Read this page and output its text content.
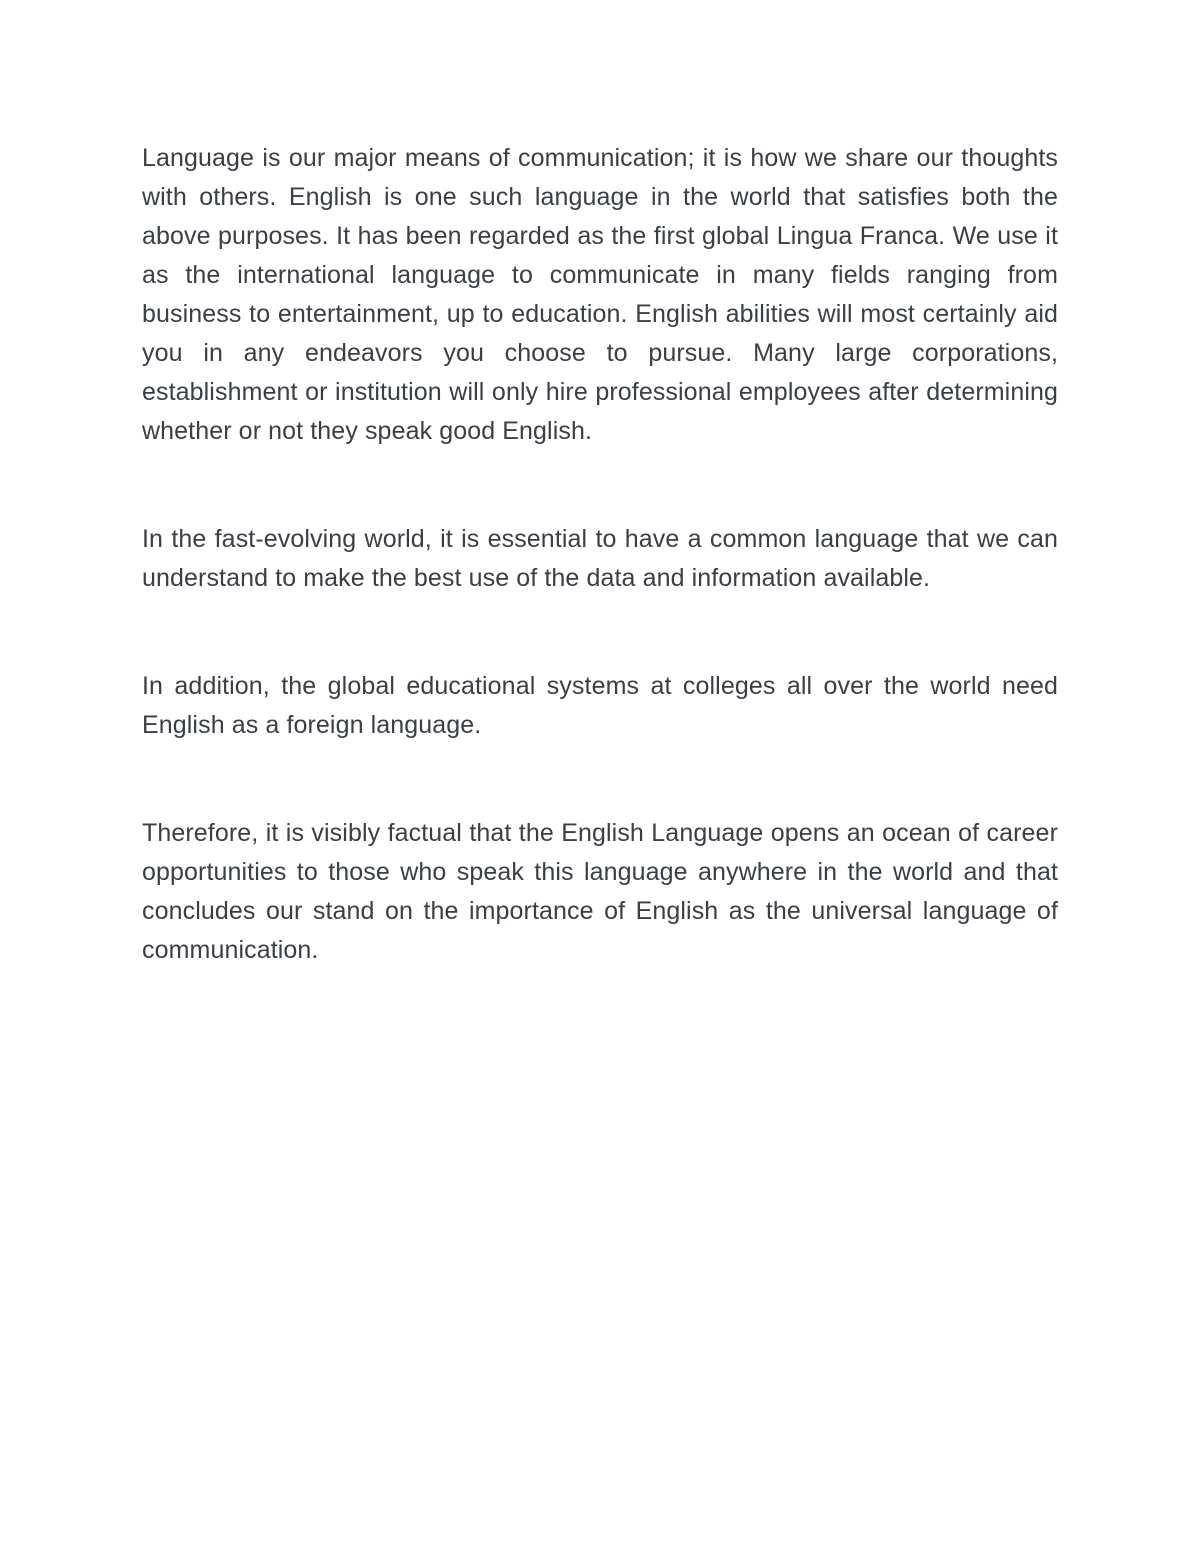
Language is our major means of communication; it is how we share our thoughts with others. English is one such language in the world that satisfies both the above purposes. It has been regarded as the first global Lingua Franca. We use it as the international language to communicate in many fields ranging from business to entertainment, up to education. English abilities will most certainly aid you in any endeavors you choose to pursue. Many large corporations, establishment or institution will only hire professional employees after determining whether or not they speak good English.

In the fast-evolving world, it is essential to have a common language that we can understand to make the best use of the data and information available.

In addition, the global educational systems at colleges all over the world need English as a foreign language.

Therefore, it is visibly factual that the English Language opens an ocean of career opportunities to those who speak this language anywhere in the world and that concludes our stand on the importance of English as the universal language of communication.
